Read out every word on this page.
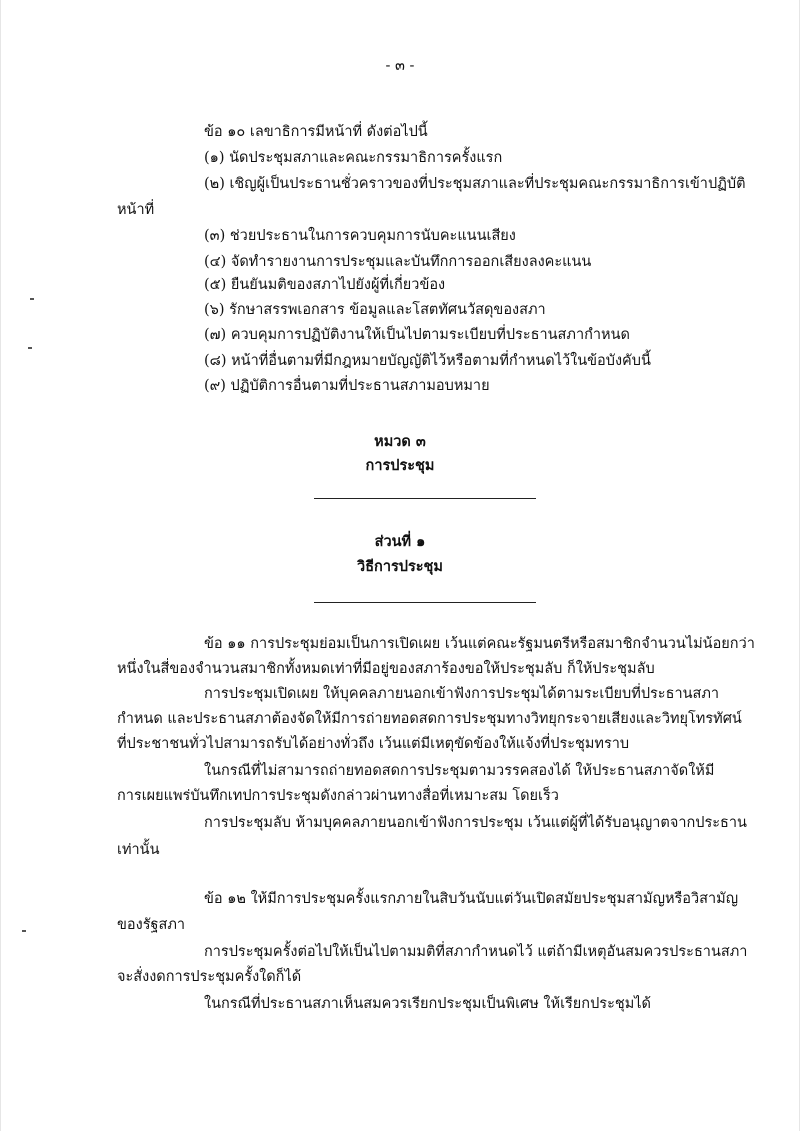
- ๓ -
ข้อ ๑๐ เลขาธิการมีหน้าที่ ดังต่อไปนี้
(๑) นัดประชุมสภาและคณะกรรมาธิการครั้งแรก
(๒) เชิญผู้เป็นประธานชั่วคราวของที่ประชุมสภาและที่ประชุมคณะกรรมาธิการเข้าปฏิบัติ
หน้าที่
(๓) ช่วยประธานในการควบคุมการนับคะแนนเสียง
(๔) จัดทำรายงานการประชุมและบันทึกการออกเสียงลงคะแนน
(๕) ยืนยันมติของสภาไปยังผู้ที่เกี่ยวข้อง
(๖) รักษาสรรพเอกสาร ข้อมูลและโสตทัศนวัสดุของสภา
(๗) ควบคุมการปฏิบัติงานให้เป็นไปตามระเบียบที่ประธานสภากำหนด
(๘) หน้าที่อื่นตามที่มีกฎหมายบัญญัติไว้หรือตามที่กำหนดไว้ในข้อบังคับนี้
(๙) ปฏิบัติการอื่นตามที่ประธานสภามอบหมาย
หมวด ๓
การประชุม
ส่วนที่ ๑
วิธีการประชุม
ข้อ ๑๑ การประชุมย่อมเป็นการเปิดเผย เว้นแต่คณะรัฐมนตรีหรือสมาชิกจำนวนไม่น้อยกว่า
หนึ่งในสี่ของจำนวนสมาชิกทั้งหมดเท่าที่มีอยู่ของสภาร้องขอให้ประชุมลับ ก็ให้ประชุมลับ
การประชุมเปิดเผย ให้บุคคลภายนอกเข้าฟังการประชุมได้ตามระเบียบที่ประธานสภา
กำหนด และประธานสภาต้องจัดให้มีการถ่ายทอดสดการประชุมทางวิทยุกระจายเสียงและวิทยุโทรทัศน์
ที่ประชาชนทั่วไปสามารถรับได้อย่างทั่วถึง เว้นแต่มีเหตุขัดข้องให้แจ้งที่ประชุมทราบ
ในกรณีที่ไม่สามารถถ่ายทอดสดการประชุมตามวรรคสองได้ ให้ประธานสภาจัดให้มี
การเผยแพร่บันทึกเทปการประชุมดังกล่าวผ่านทางสื่อที่เหมาะสม โดยเร็ว
การประชุมลับ ห้ามบุคคลภายนอกเข้าฟังการประชุม เว้นแต่ผู้ที่ได้รับอนุญาตจากประธาน
เท่านั้น
ข้อ ๑๒ ให้มีการประชุมครั้งแรกภายในสิบวันนับแต่วันเปิดสมัยประชุมสามัญหรือวิสามัญ
ของรัฐสภา
การประชุมครั้งต่อไปให้เป็นไปตามมติที่สภากำหนดไว้ แต่ถ้ามีเหตุอันสมควรประธานสภา
จะสั่งงดการประชุมครั้งใดก็ได้
ในกรณีที่ประธานสภาเห็นสมควรเรียกประชุมเป็นพิเศษ ให้เรียกประชุมได้
